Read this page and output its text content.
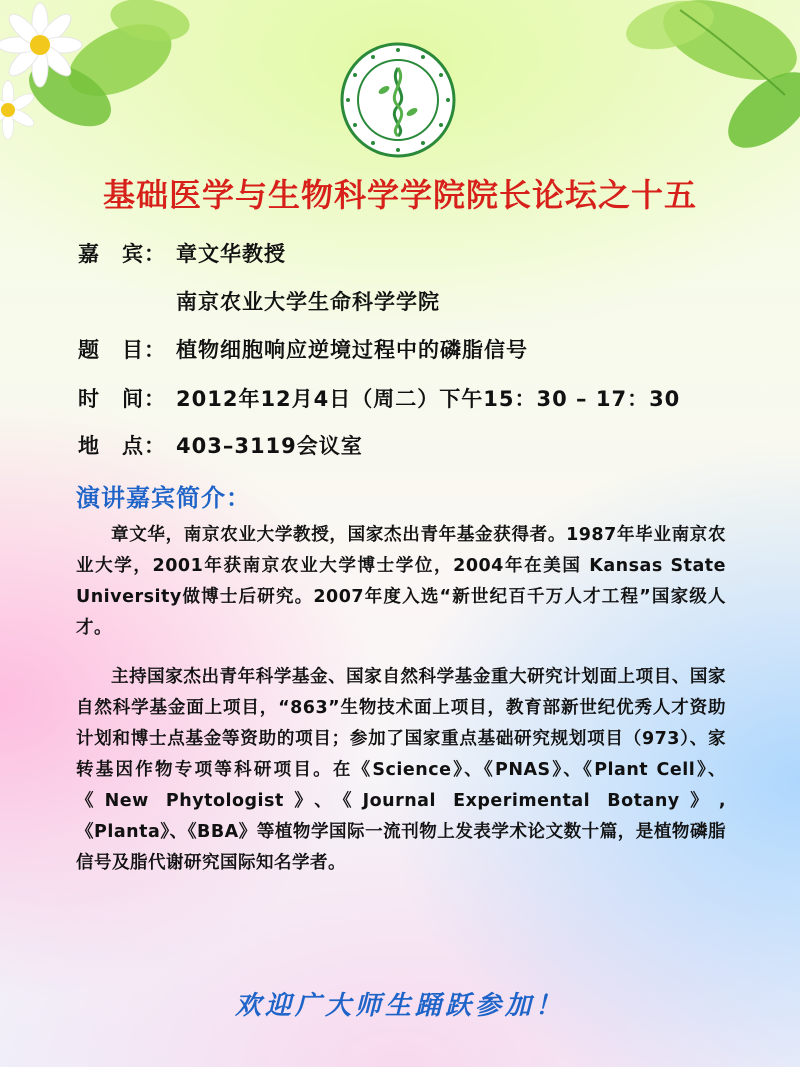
基础医学与生物科学学院院长论坛之十五
嘉　宾： 章文华教授
南京农业大学生命科学学院
题　目： 植物细胞响应逆境过程中的磷脂信号
时　间： 2012年12月4日（周二）下午15：30 – 17：30
地　点： 403–3119会议室
演讲嘉宾简介：
章文华，南京农业大学教授，国家杰出青年基金获得者。1987年毕业南京农业大学，2001年获南京农业大学博士学位，2004年在美国 Kansas State University做博士后研究。2007年度入选“新世纪百千万人才工程”国家级人才。
主持国家杰出青年科学基金、国家自然科学基金重大研究计划面上项目、国家自然科学基金面上项目，“863”生物技术面上项目，教育部新世纪优秀人才资助计划和博士点基金等资助的项目；参加了国家重点基础研究规划项目（973）、家转基因作物专项等科研项目。在《Science》、《PNAS》、《Plant Cell》、《New Phytologist》、《Journal Experimental Botany》,《Planta》、《BBA》等植物学国际一流刊物上发表学术论文数十篇，是植物磷脂信号及脂代谢研究国际知名学者。
欢迎广大师生踊跃参加！
